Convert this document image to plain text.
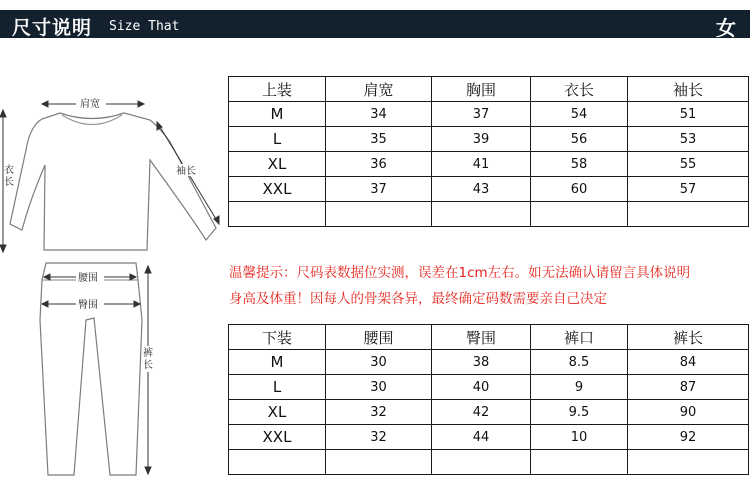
尺寸说明 Size That	女
肩宽
衣长
袖长
腰围
臀围
裤长
上装	肩宽	胸围	衣长	袖长
M	34	37	54	51
L	35	39	56	53
XL	36	41	58	55
XXL	37	43	60	57

温馨提示：尺码表数据位实测，误差在1cm左右。如无法确认请留言具体说明
身高及体重！因每人的骨架各异，最终确定码数需要亲自己决定
下装	腰围	臀围	裤口	裤长
M	30	38	8.5	84
L	30	40	9	87
XL	32	42	9.5	90
XXL	32	44	10	92
